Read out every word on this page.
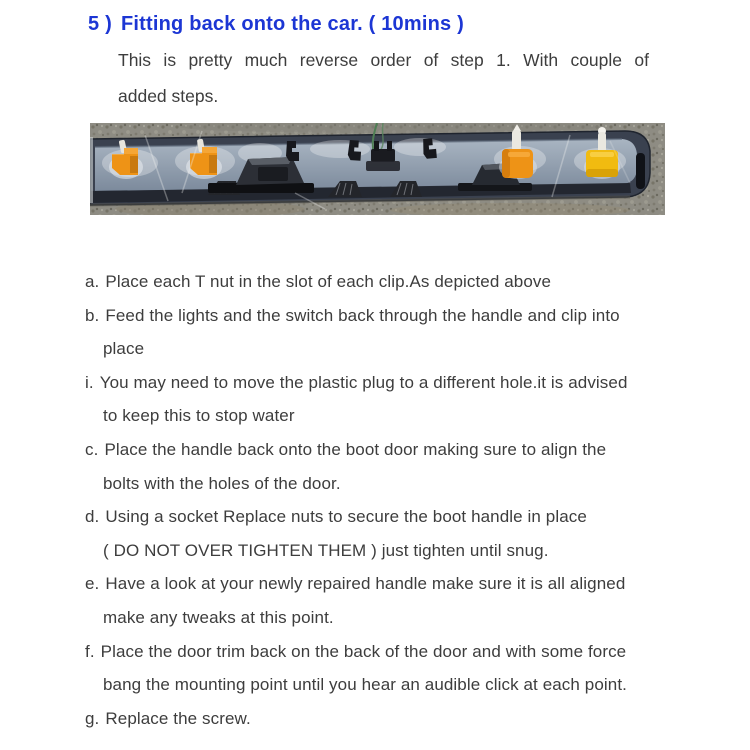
5 ) Fitting back onto the car. ( 10mins )
This is pretty much reverse order of step 1. With couple of
added steps.
a. Place each T nut in the slot of each clip.As depicted above
b. Feed the lights and the switch back through the handle and clip into
place
i. You may need to move the plastic plug to a different hole.it is advised
to keep this to stop water
c. Place the handle back onto the boot door making sure to align the
bolts with the holes of the door.
d. Using a socket Replace nuts to secure the boot handle in place
( DO NOT OVER TIGHTEN THEM ) just tighten until snug.
e. Have a look at your newly repaired handle make sure it is all aligned
make any tweaks at this point.
f. Place the door trim back on the back of the door and with some force
bang the mounting point until you hear an audible click at each point.
g. Replace the screw.
